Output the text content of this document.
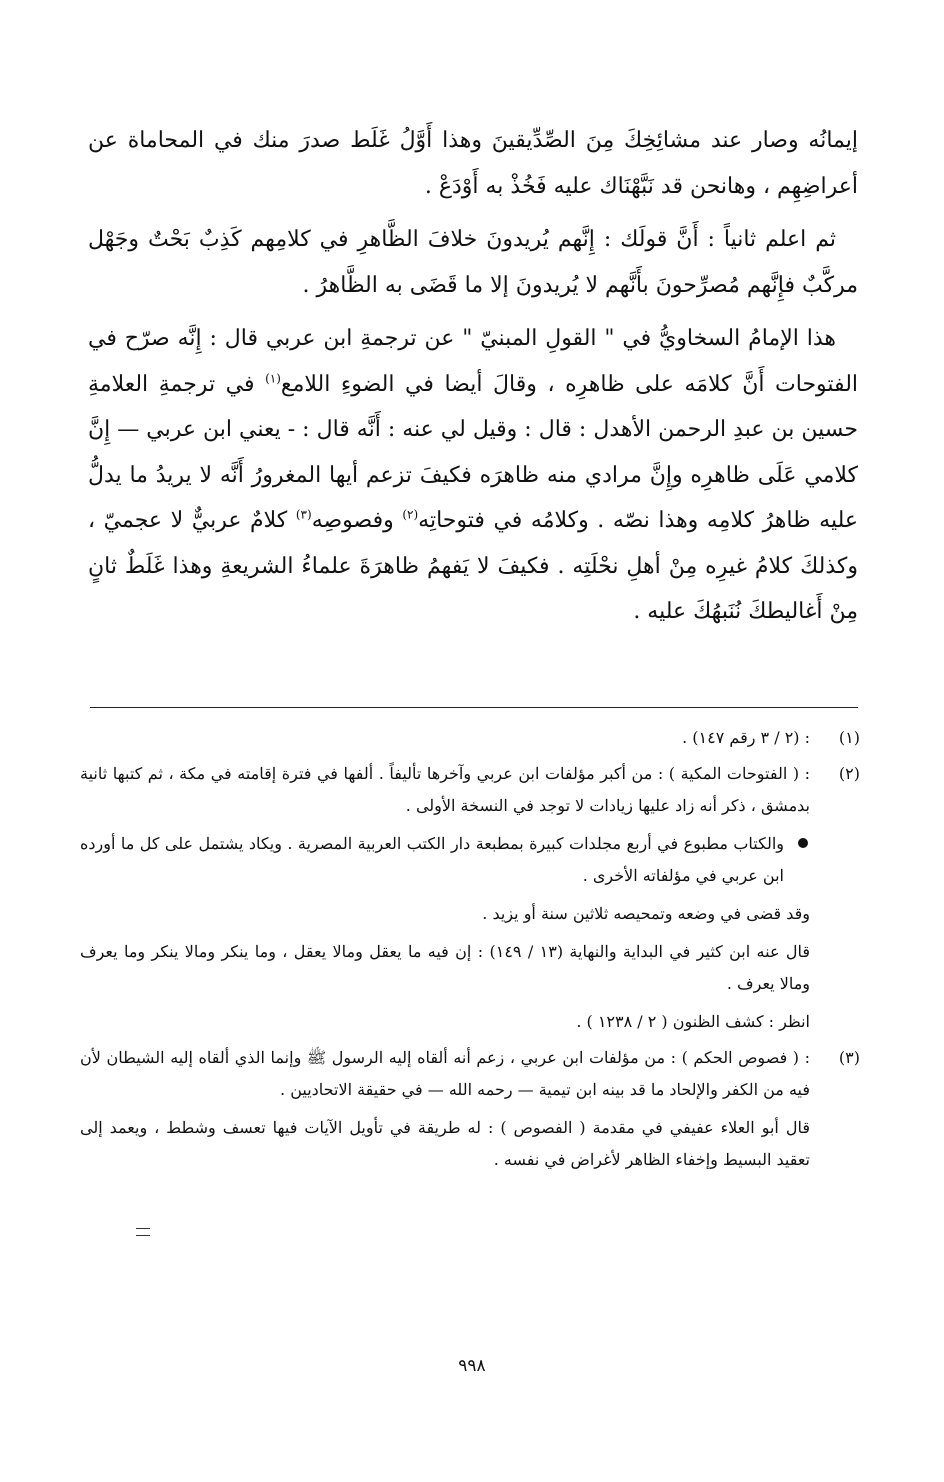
إيمانُه وصار عند مشائِخِكَ مِنَ الصِّدِّيقينَ وهذا أَوَّلُ غَلَط صدرَ منك في المحاماة عن أعراضِهِم ، وهانحن قد نَبَّهْنَاك عليه فَخُذْ به أَوْدَعْ .

ثم اعلم ثانياً : أَنَّ قولَك : إِنَّهم يُريدونَ خلافَ الظَّاهرِ في كلامِهم كَذِبٌ بَحْتٌ وجَهْل مركَّبٌ فإِنَّهم مُصرِّحونَ بأَنَّهم لا يُريدونَ إلا ما قَضَى به الظَّاهرُ .

هذا الإمامُ السخاويُّ في " القولِ المبنيّ " عن ترجمةِ ابن عربي قال : إِنَّه صرّح في الفتوحات أَنَّ كلامَه على ظاهرِه ، وقالَ أيضا في الضوءِ اللامع$^{(١)}$ في ترجمةِ العلامةِ حسين بن عبدِ الرحمن الأهدل : قال : وقيل لي عنه : أَنَّه قال : - يعني ابن عربي — إِنَّ كلامي عَلَى ظاهرِه وإِنَّ مرادي منه ظاهرَه فكيفَ تزعم أيها المغرورُ أَنَّه لا يريدُ ما يدلُّ عليه ظاهرُ كلامِه وهذا نصّه . وكلامُه في فتوحاتِه$^{(٢)}$ وفصوصِه$^{(٣)}$ كلامٌ عربيٌّ لا عجميّ ، وكذلكَ كلامُ غيرِه مِنْ أهلِ نحْلَتِه . فكيفَ لا يَفهمُ ظاهرَةَ علماءُ الشريعةِ وهذا غَلَطٌ ثانٍ مِنْ أَغاليطكَ نُنَبهُكَ عليه .

(١)
: (٢ / ٣ رقم ١٤٧) .
(٢)
: ( الفتوحات المكية ) : من أكبر مؤلفات ابن عربي وآخرها تأليفاً . ألفها في فترة إقامته في مكة ، ثم كتبها ثانية بدمشق ، ذكر أنه زاد عليها زيادات لا توجد في النسخة الأولى .
والكتاب مطبوع في أربع مجلدات كبيرة بمطبعة دار الكتب العربية المصرية . ويكاد يشتمل على كل ما أورده ابن عربي في مؤلفاته الأخرى .
وقد قضى في وضعه وتمحيصه ثلاثين سنة أو يزيد .
قال عنه ابن كثير في البداية والنهاية (١٣ / ١٤٩) : إن فيه ما يعقل ومالا يعقل ، وما ينكر ومالا ينكر وما يعرف ومالا يعرف .
انظر : كشف الظنون ( ٢ / ١٢٣٨ ) .
(٣)
: ( فصوص الحكم ) : من مؤلفات ابن عربي ، زعم أنه ألقاه إليه الرسول ﷺ وإنما الذي ألقاه إليه الشيطان لأن فيه من الكفر والإلحاد ما قد بينه ابن تيمية — رحمه الله — في حقيقة الاتحاديين .
قال أبو العلاء عفيفي في مقدمة ( الفصوص ) : له طريقة في تأويل الآيات فيها تعسف وشطط ، ويعمد إلى تعقيد البسيط وإخفاء الظاهر لأغراض في نفسه .
٩٩٨
